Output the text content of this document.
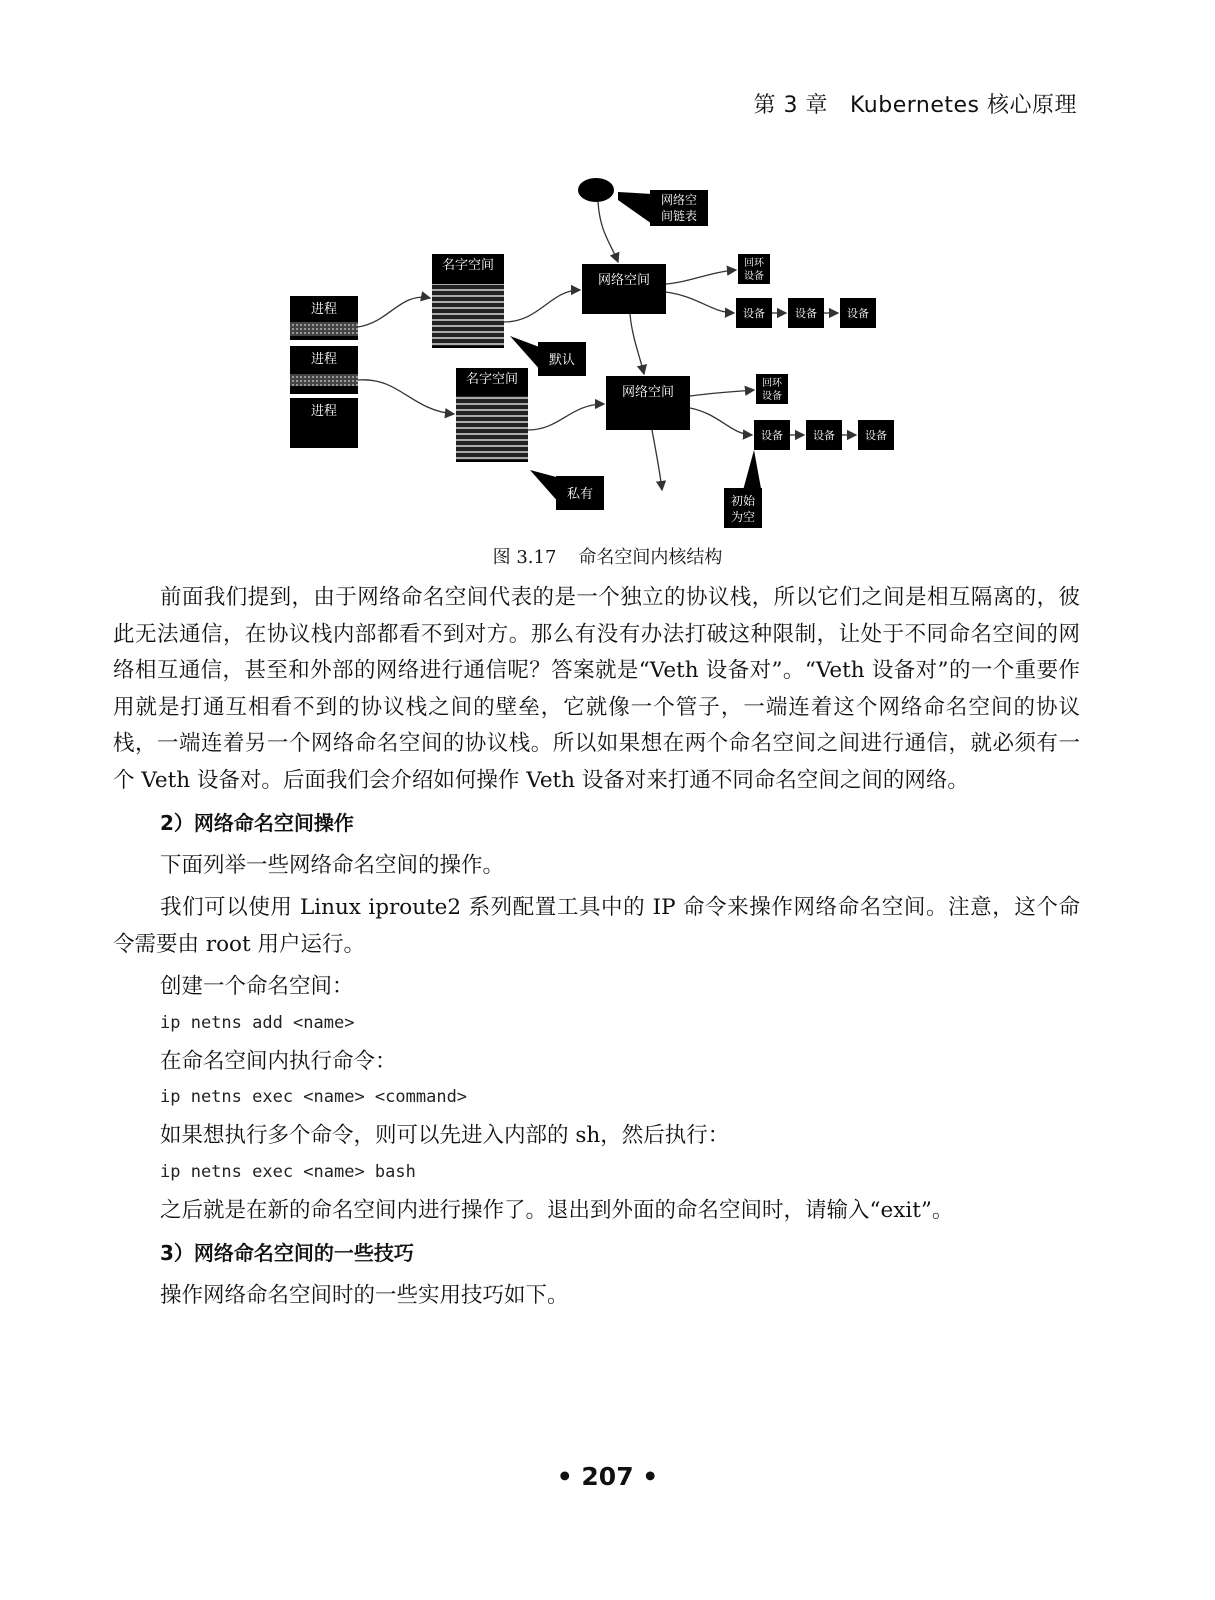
第 3 章 Kubernetes 核心原理
网络空
间链表
进程
进程
进程
名字空间
名字空间
默认
私有
网络空间
网络空间
回环
设备
设备	设备	设备
回环
设备
设备	设备	设备
初始
为空
图 3.17 命名空间内核结构

前面我们提到，由于网络命名空间代表的是一个独立的协议栈，所以它们之间是相互隔离的，彼此无法通信，在协议栈内部都看不到对方。那么有没有办法打破这种限制，让处于不同命名空间的网络相互通信，甚至和外部的网络进行通信呢？答案就是“Veth 设备对”。“Veth 设备对”的一个重要作用就是打通互相看不到的协议栈之间的壁垒，它就像一个管子，一端连着这个网络命名空间的协议栈，一端连着另一个网络命名空间的协议栈。所以如果想在两个命名空间之间进行通信，就必须有一个 Veth 设备对。后面我们会介绍如何操作 Veth 设备对来打通不同命名空间之间的网络。

2）网络命名空间操作

下面列举一些网络命名空间的操作。

我们可以使用 Linux iproute2 系列配置工具中的 IP 命令来操作网络命名空间。注意，这个命令需要由 root 用户运行。

创建一个命名空间：

ip netns add <name>

在命名空间内执行命令：

ip netns exec <name> <command>

如果想执行多个命令，则可以先进入内部的 sh，然后执行：

ip netns exec <name> bash

之后就是在新的命名空间内进行操作了。退出到外面的命名空间时，请输入“exit”。

3）网络命名空间的一些技巧

操作网络命名空间时的一些实用技巧如下。

• 207 •
